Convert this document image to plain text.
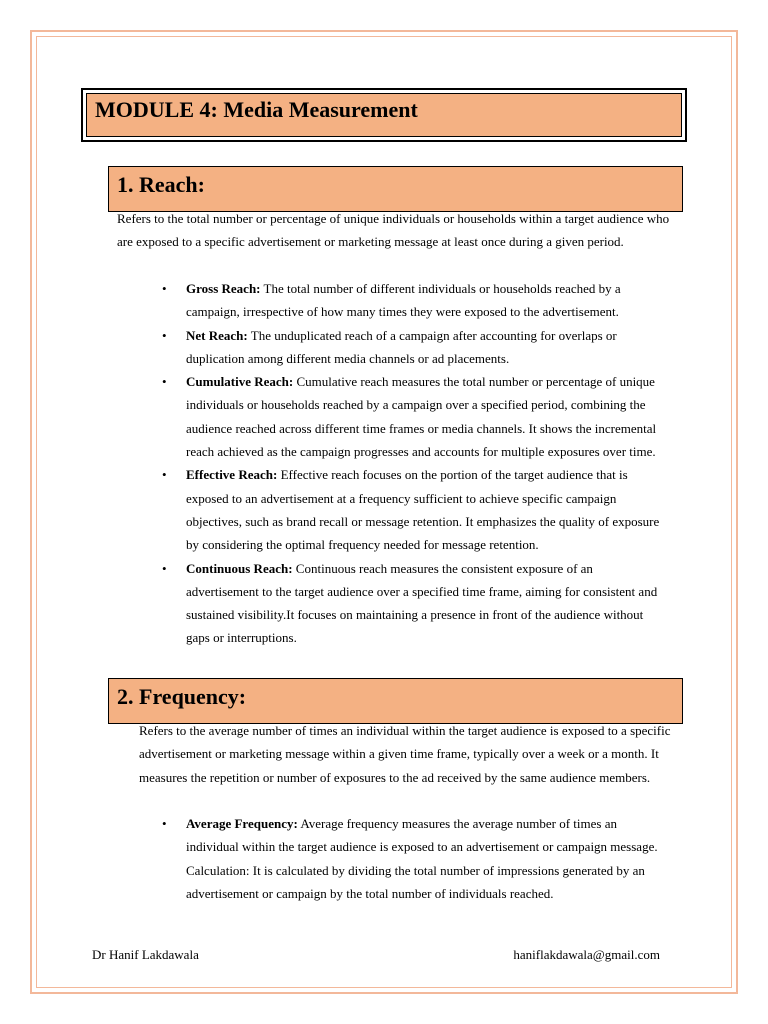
MODULE 4: Media Measurement
1. Reach:

Refers to the total number or percentage of unique individuals or households within a target audience who are exposed to a specific advertisement or marketing message at least once during a given period.

• Gross Reach: The total number of different individuals or households reached by a campaign, irrespective of how many times they were exposed to the advertisement.
• Net Reach: The unduplicated reach of a campaign after accounting for overlaps or duplication among different media channels or ad placements.
• Cumulative Reach: Cumulative reach measures the total number or percentage of unique individuals or households reached by a campaign over a specified period, combining the audience reached across different time frames or media channels. It shows the incremental reach achieved as the campaign progresses and accounts for multiple exposures over time.
• Effective Reach: Effective reach focuses on the portion of the target audience that is exposed to an advertisement at a frequency sufficient to achieve specific campaign objectives, such as brand recall or message retention. It emphasizes the quality of exposure by considering the optimal frequency needed for message retention.
• Continuous Reach: Continuous reach measures the consistent exposure of an advertisement to the target audience over a specified time frame, aiming for consistent and sustained visibility.It focuses on maintaining a presence in front of the audience without gaps or interruptions.
2. Frequency:

Refers to the average number of times an individual within the target audience is exposed to a specific advertisement or marketing message within a given time frame, typically over a week or a month. It measures the repetition or number of exposures to the ad received by the same audience members.

• Average Frequency: Average frequency measures the average number of times an individual within the target audience is exposed to an advertisement or campaign message. Calculation: It is calculated by dividing the total number of impressions generated by an advertisement or campaign by the total number of individuals reached.
Dr Hanif Lakdawala	haniflakdawala@gmail.com
